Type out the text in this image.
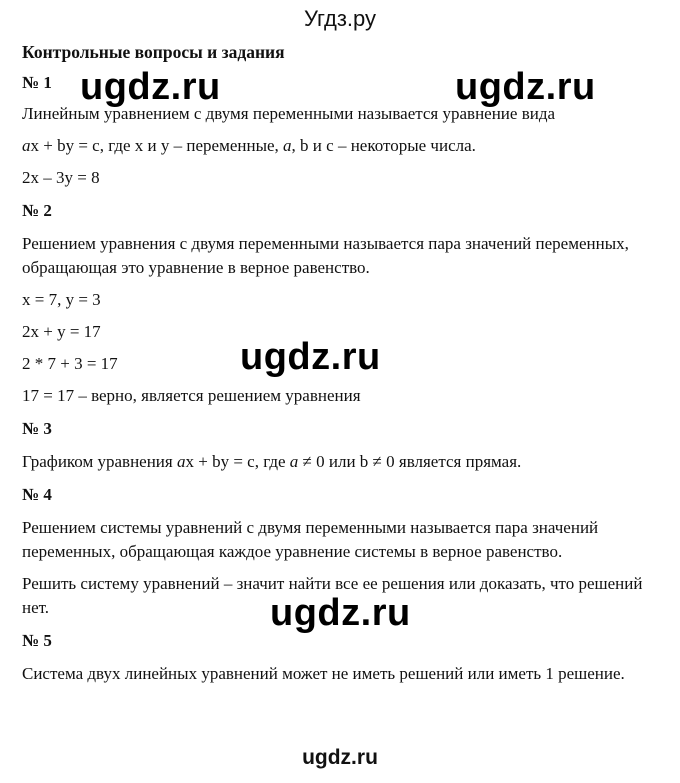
Угдз.ру
Контрольные вопросы и задания
№ 1
Линейным уравнением с двумя переменными называется уравнение вида
ax + by = c, где x и y – переменные, a, b и c – некоторые числа.
2x – 3y = 8
№ 2
Решением уравнения с двумя переменными называется пара значений переменных, обращающая это уравнение в верное равенство.
x = 7, y = 3
2x + y = 17
2 * 7 + 3 = 17
17 = 17 – верно, является решением уравнения
№ 3
Графиком уравнения ax + by = c, где a ≠ 0 или b ≠ 0 является прямая.
№ 4
Решением системы уравнений с двумя переменными называется пара значений переменных, обращающая каждое уравнение системы в верное равенство.
Решить систему уравнений – значит найти все ее решения или доказать, что решений нет.
№ 5
Система двух линейных уравнений может не иметь решений или иметь 1 решение.
ugdz.ru	ugdz.ru
ugdz.ru
ugdz.ru
ugdz.ru
